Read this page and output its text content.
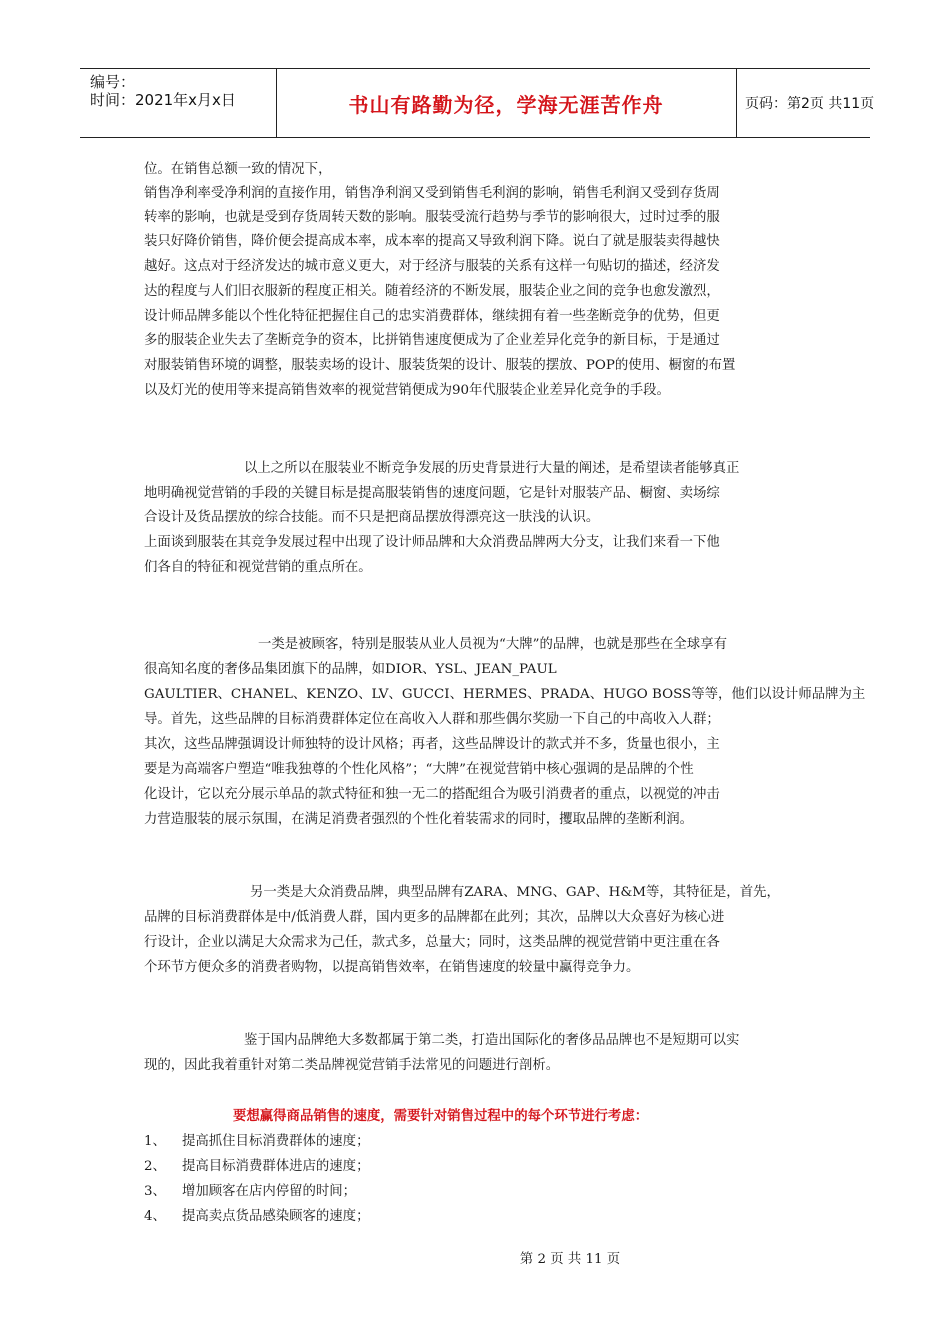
编号：
时间：2021年x月x日	书山有路勤为径，学海无涯苦作舟	页码：第2页 共11页
位。在销售总额一致的情况下，
销售净利率受净利润的直接作用，销售净利润又受到销售毛利润的影响，销售毛利润又受到存货周
转率的影响，也就是受到存货周转天数的影响。服装受流行趋势与季节的影响很大，过时过季的服
装只好降价销售，降价便会提高成本率，成本率的提高又导致利润下降。说白了就是服装卖得越快
越好。这点对于经济发达的城市意义更大，对于经济与服装的关系有这样一句贴切的描述，经济发
达的程度与人们旧衣服新的程度正相关。随着经济的不断发展，服装企业之间的竞争也愈发激烈，
设计师品牌多能以个性化特征把握住自己的忠实消费群体，继续拥有着一些垄断竞争的优势，但更
多的服装企业失去了垄断竞争的资本，比拼销售速度便成为了企业差异化竞争的新目标，于是通过
对服装销售环境的调整，服装卖场的设计、服装货架的设计、服装的摆放、POP的使用、橱窗的布置
以及灯光的使用等来提高销售效率的视觉营销便成为90年代服装企业差异化竞争的手段。
以上之所以在服装业不断竞争发展的历史背景进行大量的阐述，是希望读者能够真正
地明确视觉营销的手段的关键目标是提高服装销售的速度问题，它是针对服装产品、橱窗、卖场综
合设计及货品摆放的综合技能。而不只是把商品摆放得漂亮这一肤浅的认识。
上面谈到服装在其竞争发展过程中出现了设计师品牌和大众消费品牌两大分支，让我们来看一下他
们各自的特征和视觉营销的重点所在。
一类是被顾客，特别是服装从业人员视为“大牌”的品牌，也就是那些在全球享有
很高知名度的奢侈品集团旗下的品牌，如DIOR、YSL、JEAN_PAUL
GAULTIER、CHANEL、KENZO、LV、GUCCI、HERMES、PRADA、HUGO BOSS等等，他们以设计师品牌为主
导。首先，这些品牌的目标消费群体定位在高收入人群和那些偶尔奖励一下自己的中高收入人群；
其次，这些品牌强调设计师独特的设计风格；再者，这些品牌设计的款式并不多，货量也很小，主
要是为高端客户塑造“唯我独尊的个性化风格”；“大牌”在视觉营销中核心强调的是品牌的个性
化设计，它以充分展示单品的款式特征和独一无二的搭配组合为吸引消费者的重点，以视觉的冲击
力营造服装的展示氛围，在满足消费者强烈的个性化着装需求的同时，攫取品牌的垄断利润。
另一类是大众消费品牌，典型品牌有ZARA、MNG、GAP、H&M等，其特征是，首先，
品牌的目标消费群体是中/低消费人群，国内更多的品牌都在此列；其次，品牌以大众喜好为核心进
行设计，企业以满足大众需求为己任，款式多，总量大；同时，这类品牌的视觉营销中更注重在各
个环节方便众多的消费者购物，以提高销售效率，在销售速度的较量中赢得竞争力。
鉴于国内品牌绝大多数都属于第二类，打造出国际化的奢侈品品牌也不是短期可以实
现的，因此我着重针对第二类品牌视觉营销手法常见的问题进行剖析。
要想赢得商品销售的速度，需要针对销售过程中的每个环节进行考虑：
1、 提高抓住目标消费群体的速度；
2、 提高目标消费群体进店的速度；
3、 增加顾客在店内停留的时间；
4、 提高卖点货品感染顾客的速度；
第 2 页 共 11 页
